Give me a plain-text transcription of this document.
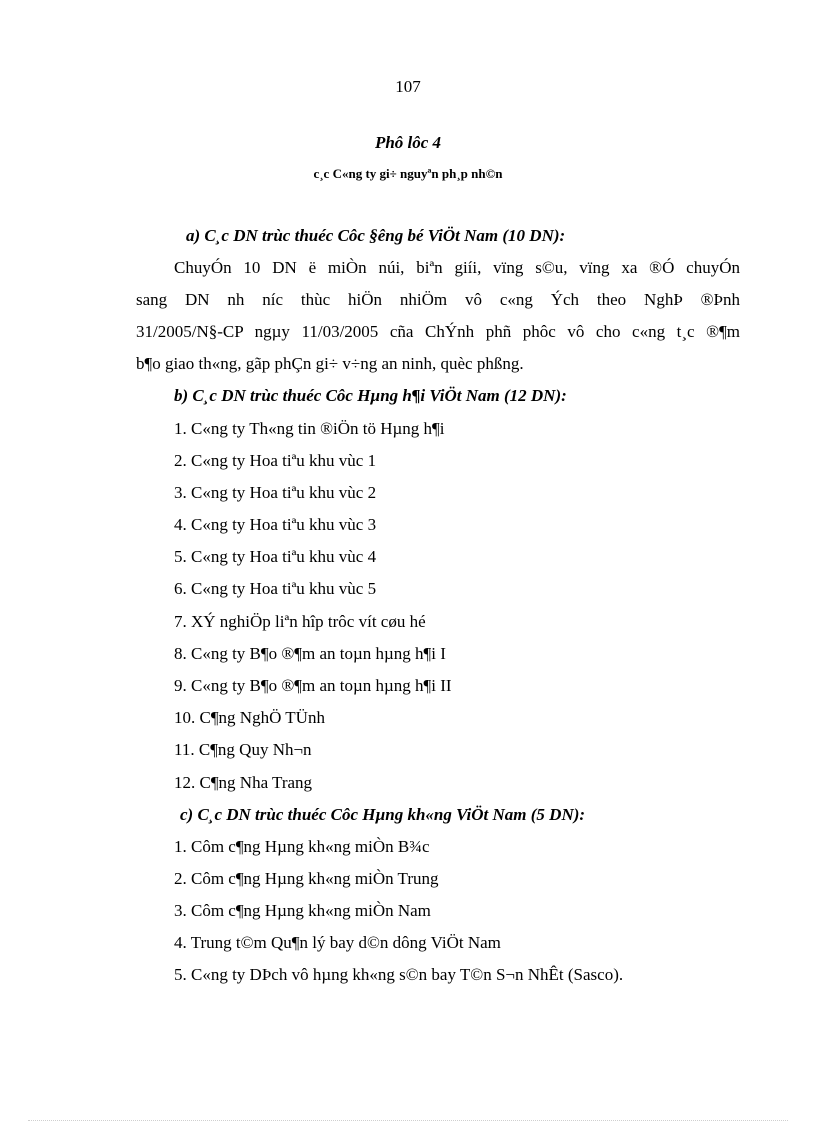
107
Phô lôc 4
c¸c C«ng ty gi÷ nguyªn ph¸p nh©n
a) C¸c DN trùc thuéc Côc §êng bé ViÖt Nam (10 DN):
ChuyÓn 10 DN ë miÒn núi, biªn giíi, vïng s©u, vïng xa ®Ó chuyÓn
sang DN nh níc thùc hiÖn nhiÖm vô c«ng Ých theo NghÞ ®Þnh
31/2005/N§-CP ngµy 11/03/2005 cña ChÝnh phñ phôc vô cho c«ng t¸c ®¶m
b¶o giao th«ng, gãp phÇn gi÷ v÷ng an ninh, quèc phßng.
b) C¸c DN trùc thuéc Côc Hµng h¶i ViÖt Nam (12 DN):
1. C«ng ty Th«ng tin ®iÖn tö Hµng h¶i
2. C«ng ty Hoa tiªu khu vùc 1
3. C«ng ty Hoa tiªu khu vùc 2
4. C«ng ty Hoa tiªu khu vùc 3
5. C«ng ty Hoa tiªu khu vùc 4
6. C«ng ty Hoa tiªu khu vùc 5
7. XÝ nghiÖp liªn hîp trôc vít cøu hé
8. C«ng ty B¶o ®¶m an toµn hµng h¶i I
9. C«ng ty B¶o ®¶m an toµn hµng h¶i II
10. C¶ng NghÖ TÜnh
11. C¶ng Quy Nh¬n
12. C¶ng Nha Trang
c) C¸c DN trùc thuéc Côc Hµng kh«ng ViÖt Nam (5 DN):
1. Côm c¶ng Hµng kh«ng miÒn B¾c
2. Côm c¶ng Hµng kh«ng miÒn Trung
3. Côm c¶ng Hµng kh«ng miÒn Nam
4. Trung t©m Qu¶n lý bay d©n dông ViÖt Nam
5. C«ng ty DÞch vô hµng kh«ng s©n bay T©n S¬n NhÊt (Sasco).
